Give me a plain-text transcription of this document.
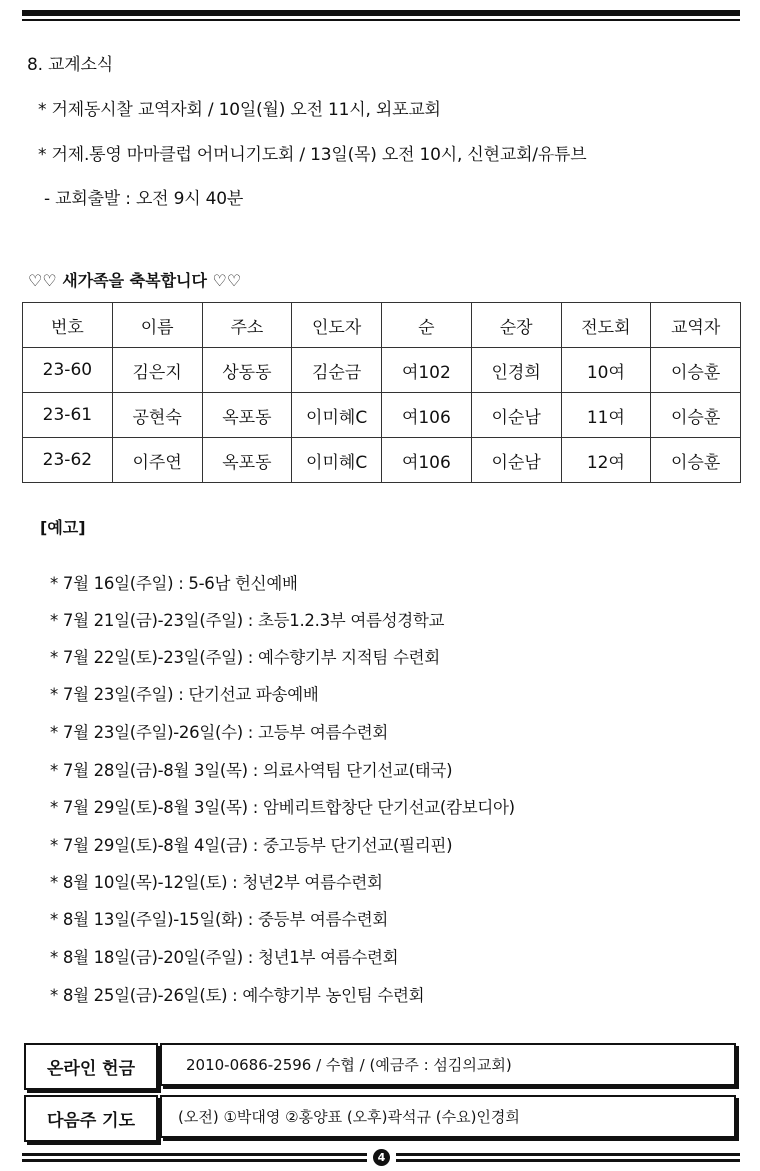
8. 교계소식
* 거제동시찰 교역자회 / 10일(월) 오전 11시, 외포교회
* 거제.통영 마마클럽 어머니기도회 / 13일(목) 오전 10시, 신현교회/유튜브
- 교회출발 : 오전 9시 40분
♡♡ 새가족을 축복합니다 ♡♡
번호	이름	주소	인도자	순	순장	전도회	교역자
23-60	김은지	상동동	김순금	여102	인경희	10여	이승훈
23-61	공현숙	옥포동	이미혜C	여106	이순남	11여	이승훈
23-62	이주연	옥포동	이미혜C	여106	이순남	12여	이승훈
[예고]
* 7월 16일(주일) : 5-6남 헌신예배
* 7월 21일(금)-23일(주일) : 초등1.2.3부 여름성경학교
* 7월 22일(토)-23일(주일) : 예수향기부 지적팀 수련회
* 7월 23일(주일) : 단기선교 파송예배
* 7월 23일(주일)-26일(수) : 고등부 여름수련회
* 7월 28일(금)-8월 3일(목) : 의료사역팀 단기선교(태국)
* 7월 29일(토)-8월 3일(목) : 암베리트합창단 단기선교(캄보디아)
* 7월 29일(토)-8월 4일(금) : 중고등부 단기선교(필리핀)
* 8월 10일(목)-12일(토) : 청년2부 여름수련회
* 8월 13일(주일)-15일(화) : 중등부 여름수련회
* 8월 18일(금)-20일(주일) : 청년1부 여름수련회
* 8월 25일(금)-26일(토) : 예수향기부 농인팀 수련회
온라인 헌금	2010-0686-2596 / 수협 / (예금주 : 섬김의교회)
다음주 기도	(오전) ①박대영 ②홍양표 (오후)곽석규 (수요)인경희
4
